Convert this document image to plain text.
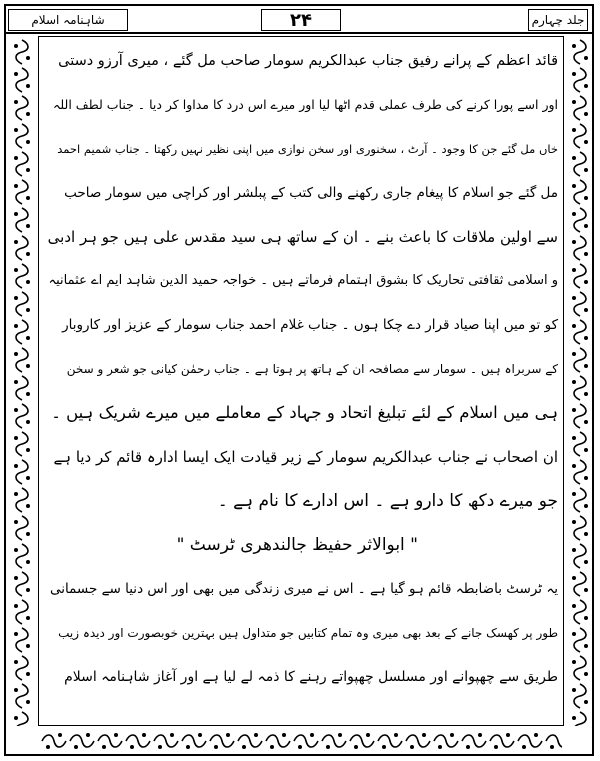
شاہنامہ اسلام	۲۴	جلد چہارم
قائد اعظم کے پرانے رفیق جناب عبدالکریم سومار صاحب مل گئے ، میری آرزو دستی
اور اسے پورا کرنے کی طرف عملی قدم اٹھا لیا اور میرے اس درد کا مداوا کر دیا ۔ جناب لطف اللہ
خاں مل گئے جن کا وجود ۔ آرٹ ، سخنوری اور سخن نوازی میں اپنی نظیر نہیں رکھتا ۔ جناب شمیم احمد
مل گئے جو اسلام کا پیغام جاری رکھنے والی کتب کے پبلشر اور کراچی میں سومار صاحب
سے اولین ملاقات کا باعث بنے ۔ ان کے ساتھ ہی سید مقدس علی ہیں جو ہر ادبی
و اسلامی ثقافتی تحاریک کا بشوق اہتمام فرماتے ہیں ۔ خواجہ حمید الدین شاہد ایم اے عثمانیہ
کو تو میں اپنا صیاد قرار دے چکا ہوں ۔ جناب غلام احمد جناب سومار کے عزیز اور کاروبار
کے سربراہ ہیں ۔ سومار سے مصافحہ ان کے ہاتھ پر ہوتا ہے ۔ جناب رحمٰن کیانی جو شعر و سخن
ہی میں اسلام کے لئے تبلیغ اتحاد و جہاد کے معاملے میں میرے شریک ہیں ۔
ان اصحاب نے جناب عبدالکریم سومار کے زیر قیادت ایک ایسا ادارہ قائم کر دیا ہے
جو میرے دکھ کا دارو ہے ۔ اس ادارے کا نام ہے ۔
" ابوالاثر حفیظ جالندھری ٹرسٹ "
یہ ٹرسٹ باضابطہ قائم ہو گیا ہے ۔ اس نے میری زندگی میں بھی اور اس دنیا سے جسمانی
طور پر کھسک جانے کے بعد بھی میری وہ تمام کتابیں جو متداول ہیں بہترین خوبصورت اور دیدہ زیب
طریق سے چھپوانے اور مسلسل چھپواتے رہنے کا ذمہ لے لیا ہے اور آغاز شاہنامہ اسلام
